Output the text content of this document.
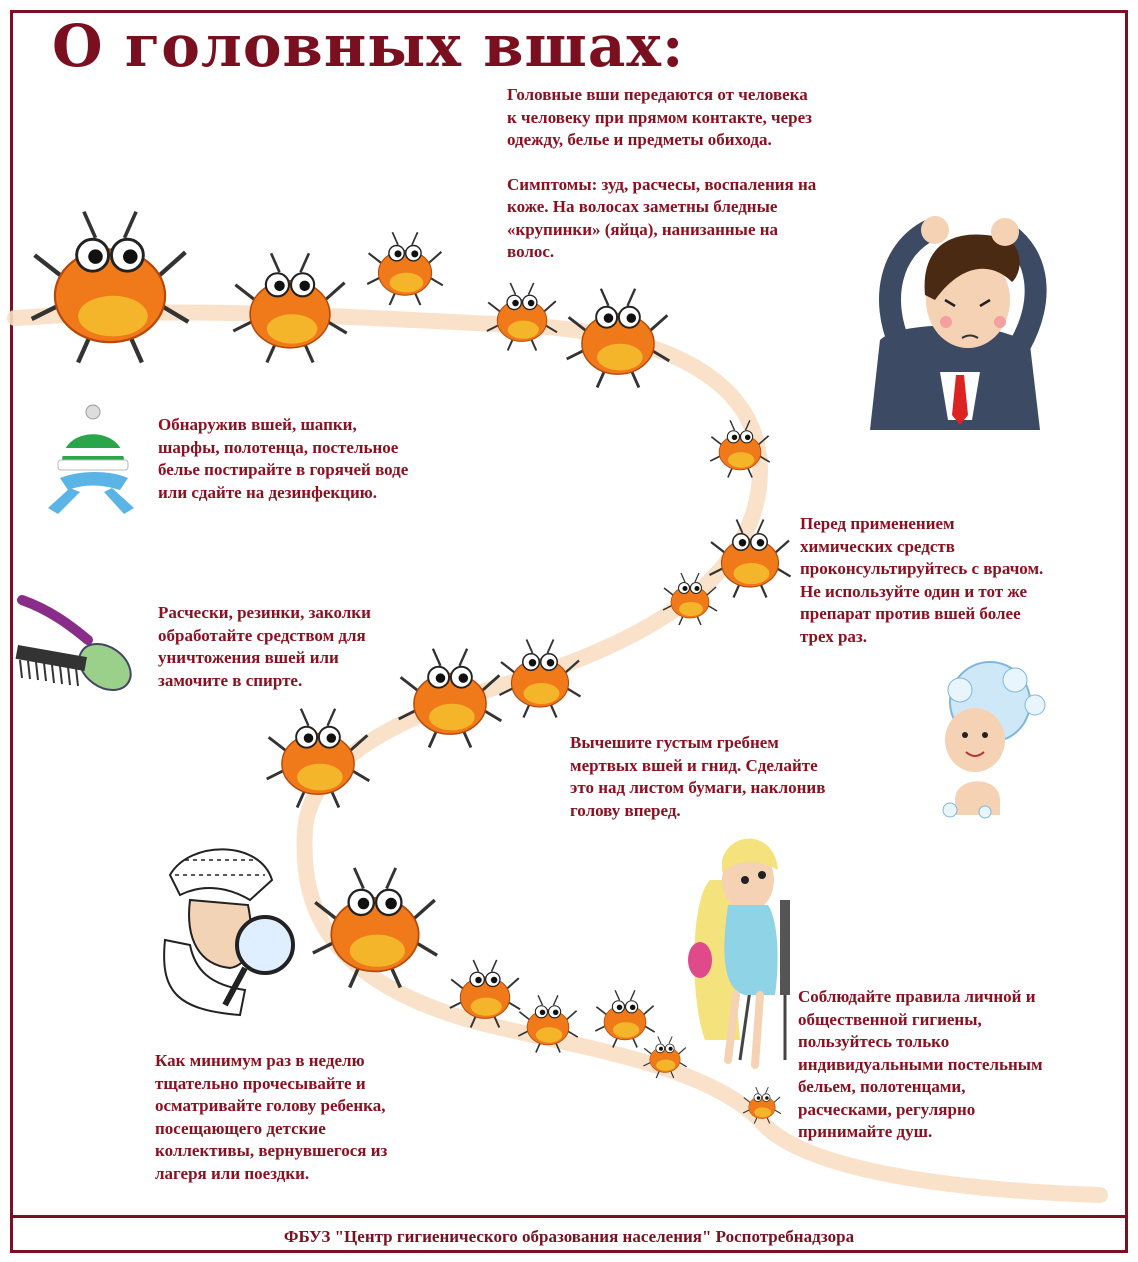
О головных вшах:

Головные вши передаются от человека
к человеку при прямом контакте, через
одежду, белье и предметы обихода.

Симптомы: зуд, расчесы, воспаления на
коже. На волосах заметны бледные
«крупинки» (яйца), нанизанные на
волос.

Обнаружив вшей, шапки,
шарфы, полотенца, постельное
белье постирайте в горячей воде
или сдайте на дезинфекцию.

Перед применением
химических средств
проконсультируйтесь с врачом.
Не используйте один и тот же
препарат против вшей более
трех раз.

Расчески, резинки, заколки
обработайте средством для
уничтожения вшей или
замочите в спирте.

Вычешите густым гребнем
мертвых вшей и гнид. Сделайте
это над листом бумаги, наклонив
голову вперед.

Соблюдайте правила личной и
общественной гигиены,
пользуйтесь только
индивидуальными постельным
бельем, полотенцами,
расческами, регулярно
принимайте душ.

Как минимум раз в неделю
тщательно прочесывайте и
осматривайте голову ребенка,
посещающего детские
коллективы, вернувшегося из
лагеря или поездки.

ФБУЗ "Центр гигиенического образования населения" Роспотребнадзора
